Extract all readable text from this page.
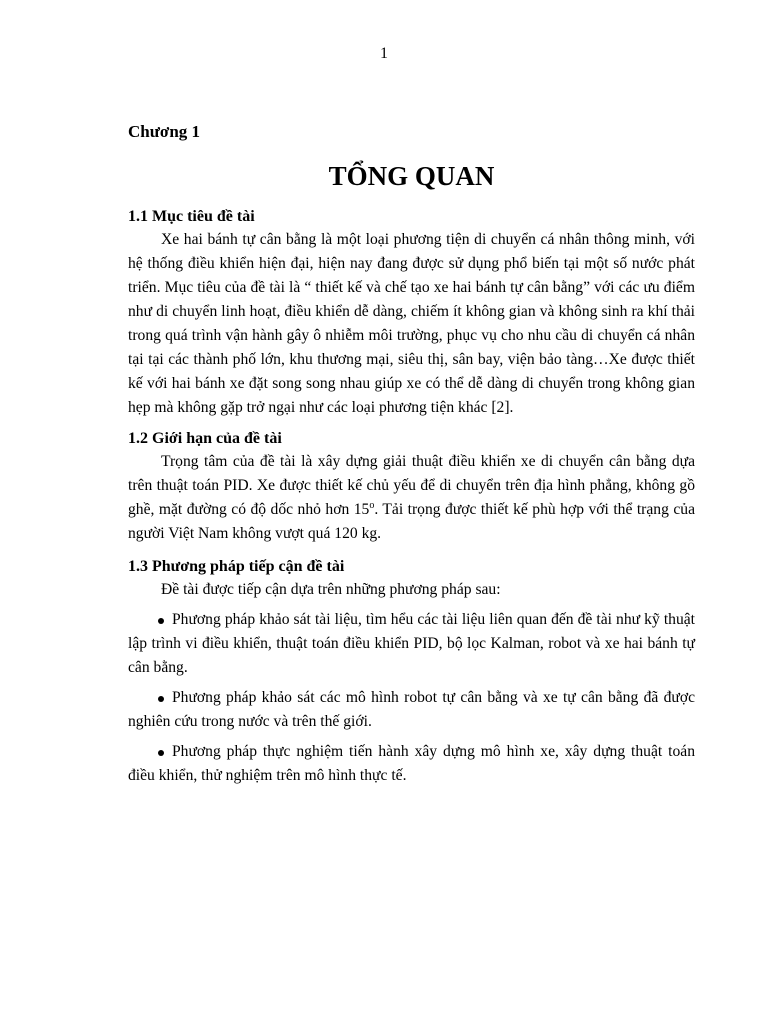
1

Chương 1

TỔNG QUAN
1.1 Mục tiêu đề tài

Xe hai bánh tự cân bằng là một loại phương tiện di chuyển cá nhân thông minh, với hệ thống điều khiển hiện đại, hiện nay đang được sử dụng phổ biến tại một số nước phát triển. Mục tiêu của đề tài là “ thiết kế và chế tạo xe hai bánh tự cân bằng” với các ưu điểm như di chuyển linh hoạt, điều khiển dễ dàng, chiếm ít không gian và không sinh ra khí thải trong quá trình vận hành gây ô nhiễm môi trường, phục vụ cho nhu cầu di chuyển cá nhân tại tại các thành phố lớn, khu thương mại, siêu thị, sân bay, viện bảo tàng…Xe được thiết kế với hai bánh xe đặt song song nhau giúp xe có thể dễ dàng di chuyển trong không gian hẹp mà không gặp trở ngại như các loại phương tiện khác [2].

1.2 Giới hạn của đề tài

Trọng tâm của đề tài là xây dựng giải thuật điều khiển xe di chuyển cân bằng dựa trên thuật toán PID. Xe được thiết kế chủ yếu để di chuyển trên địa hình phẳng, không gồ ghề, mặt đường có độ dốc nhỏ hơn 15$^o$. Tải trọng được thiết kế phù hợp với thể trạng của người Việt Nam không vượt quá 120 kg.

1.3 Phương pháp tiếp cận đề tài

Đề tài được tiếp cận dựa trên những phương pháp sau:

Phương pháp khảo sát tài liệu, tìm hểu các tài liệu liên quan đến đề tài như kỹ thuật lập trình vi điều khiển, thuật toán điều khiển PID, bộ lọc Kalman, robot và xe hai bánh tự cân bằng.
Phương pháp khảo sát các mô hình robot tự cân bằng và xe tự cân bằng đã được nghiên cứu trong nước và trên thế giới.
Phương pháp thực nghiệm tiến hành xây dựng mô hình xe, xây dựng thuật toán điều khiển, thử nghiệm trên mô hình thực tế.
